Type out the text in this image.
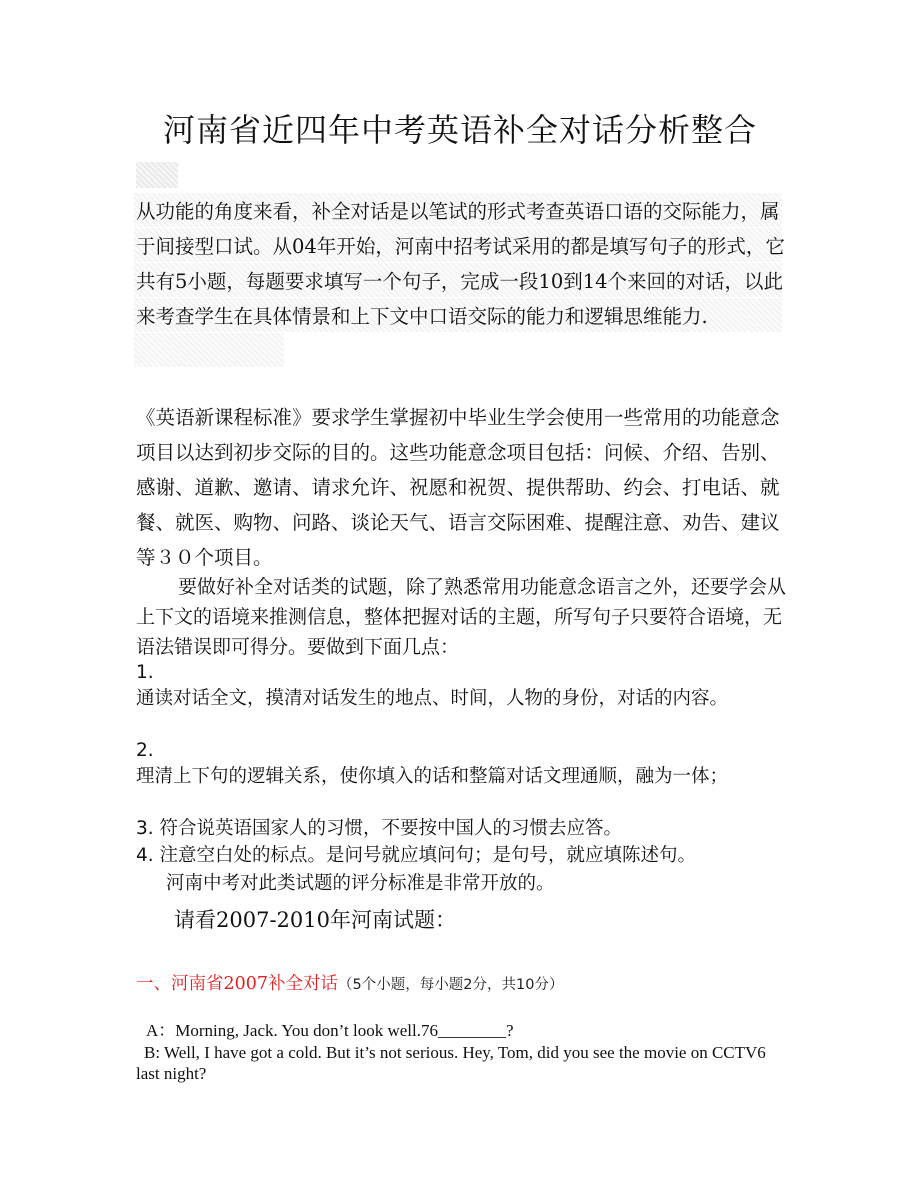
河南省近四年中考英语补全对话分析整合
从功能的角度来看，补全对话是以笔试的形式考查英语口语的交际能力，属于间接型口试。从04年开始，河南中招考试采用的都是填写句子的形式，它共有5小题，每题要求填写一个句子，完成一段10到14个来回的对话，以此来考查学生在具体情景和上下文中口语交际的能力和逻辑思维能力.
《英语新课程标准》要求学生掌握初中毕业生学会使用一些常用的功能意念项目以达到初步交际的目的。这些功能意念项目包括：问候、介绍、告别、感谢、道歉、邀请、请求允许、祝愿和祝贺、提供帮助、约会、打电话、就餐、就医、购物、问路、谈论天气、语言交际困难、提醒注意、劝告、建议等３０个项目。
要做好补全对话类的试题，除了熟悉常用功能意念语言之外，还要学会从上下文的语境来推测信息，整体把握对话的主题，所写句子只要符合语境，无语法错误即可得分。要做到下面几点：
1.
通读对话全文，摸清对话发生的地点、时间，人物的身份，对话的内容。
2.
理清上下句的逻辑关系，使你填入的话和整篇对话文理通顺，融为一体；
3. 符合说英语国家人的习惯，不要按中国人的习惯去应答。
4. 注意空白处的标点。是问号就应填问句；是句号，就应填陈述句。
河南中考对此类试题的评分标准是非常开放的。
请看2007-2010年河南试题：
一、河南省2007补全对话（5个小题，每小题2分，共10分）
A：Morning, Jack. You don’t look well.76________?
B: Well, I have got a cold. But it’s not serious. Hey, Tom, did you see the movie on CCTV6 last night?
